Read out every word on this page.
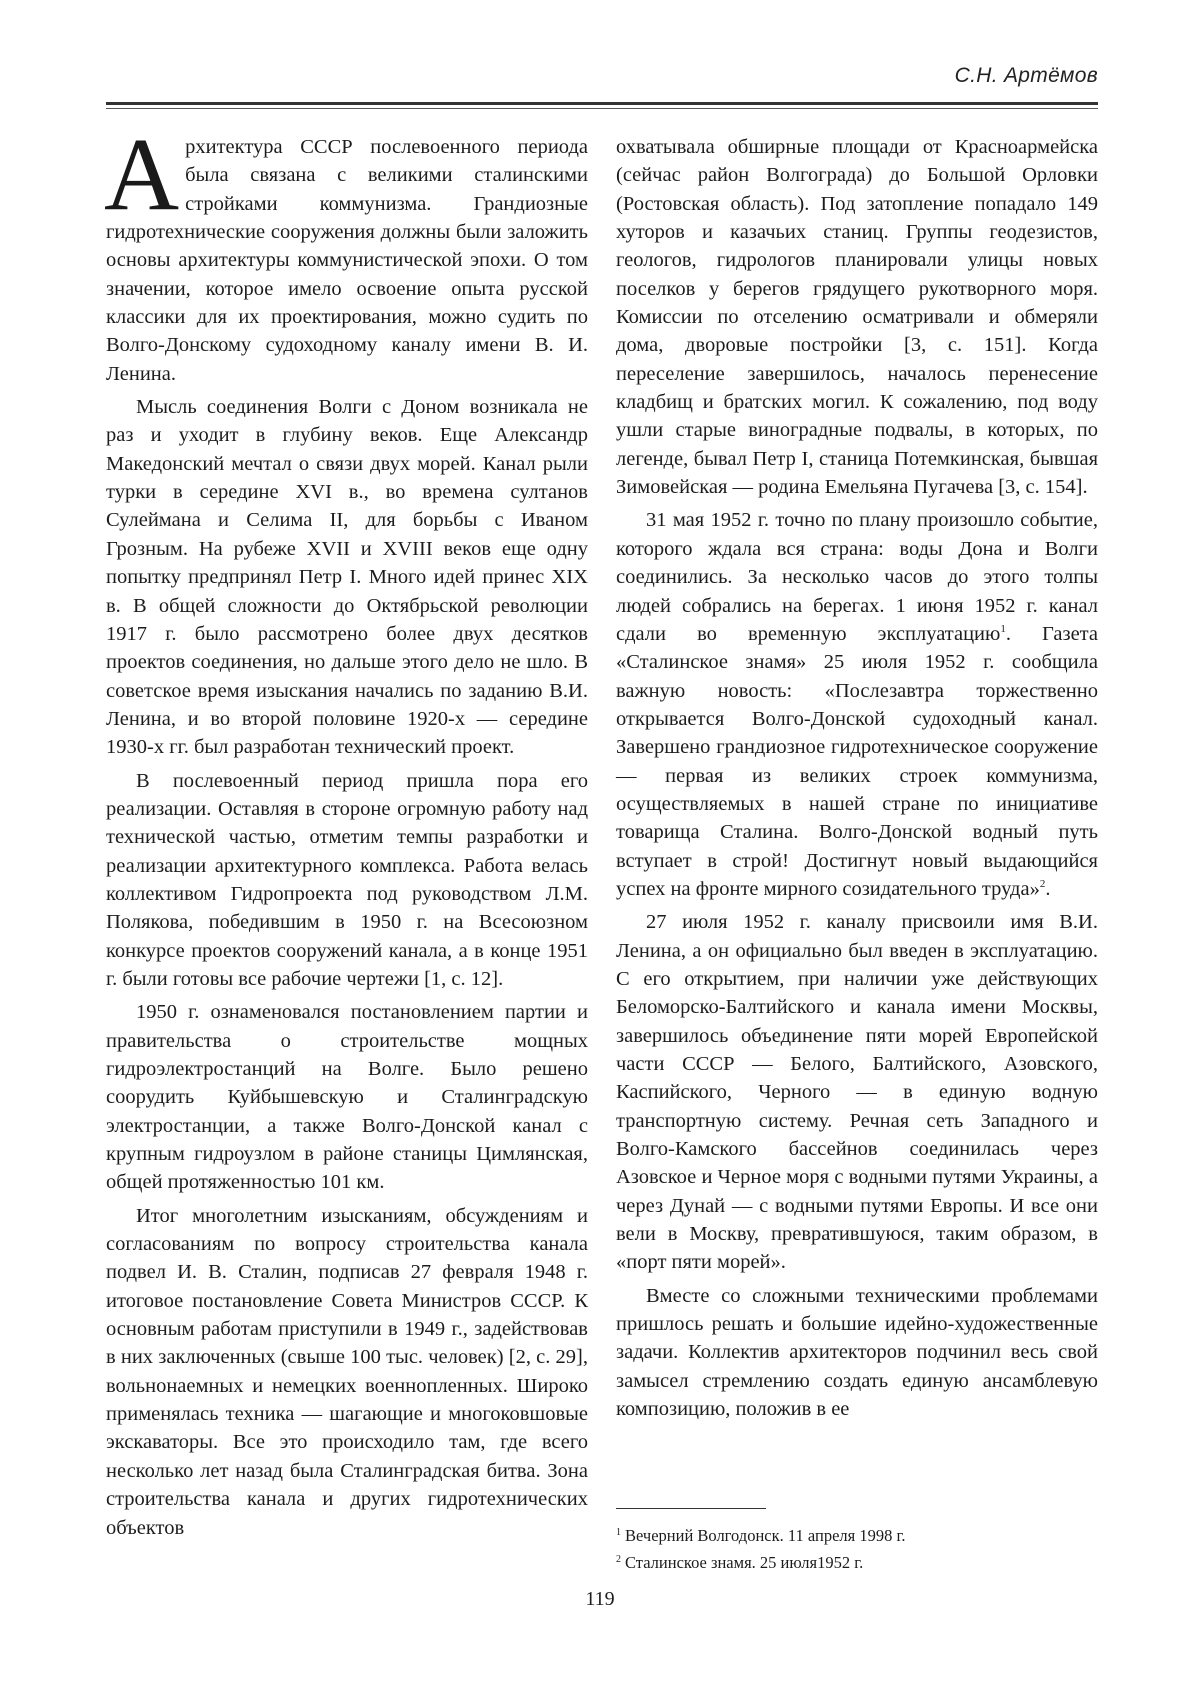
С.Н. Артёмов

Архитектура СССР послевоенного периода была связана с великими сталинскими стройками коммунизма. Грандиозные гидротехнические сооружения должны были заложить основы архитектуры коммунистической эпохи. О том значении, которое имело освоение опыта русской классики для их проектирования, можно судить по Волго-Донскому судоходному каналу имени В. И. Ленина.

Мысль соединения Волги с Доном возникала не раз и уходит в глубину веков. Еще Александр Македонский мечтал о связи двух морей. Канал рыли турки в середине XVI в., во времена султанов Сулеймана и Селима II, для борьбы с Иваном Грозным. На рубеже XVII и XVIII веков еще одну попытку предпринял Петр I. Много идей принес XIX в. В общей сложности до Октябрьской революции 1917 г. было рассмотрено более двух десятков проектов соединения, но дальше этого дело не шло. В советское время изыскания начались по заданию В.И. Ленина, и во второй половине 1920-х — середине 1930-х гг. был разработан технический проект.

В послевоенный период пришла пора его реализации. Оставляя в стороне огромную работу над технической частью, отметим темпы разработки и реализации архитектурного комплекса. Работа велась коллективом Гидропроекта под руководством Л.М. Полякова, победившим в 1950 г. на Всесоюзном конкурсе проектов сооружений канала, а в конце 1951 г. были готовы все рабочие чертежи [1, с. 12].

1950 г. ознаменовался постановлением партии и правительства о строительстве мощных гидроэлектростанций на Волге. Было решено соорудить Куйбышевскую и Сталинградскую электростанции, а также Волго-Донской канал с крупным гидроузлом в районе станицы Цимлянская, общей протяженностью 101 км.

Итог многолетним изысканиям, обсуждениям и согласованиям по вопросу строительства канала подвел И. В. Сталин, подписав 27 февраля 1948 г. итоговое постановление Совета Министров СССР. К основным работам приступили в 1949 г., задействовав в них заключенных (свыше 100 тыс. человек) [2, с. 29], вольнонаемных и немецких военнопленных. Широко применялась техника — шагающие и многоковшовые экскаваторы. Все это происходило там, где всего несколько лет назад была Сталинградская битва. Зона строительства канала и других гидротехнических объектов

охватывала обширные площади от Красноармейска (сейчас район Волгограда) до Большой Орловки (Ростовская область). Под затопление попадало 149 хуторов и казачьих станиц. Группы геодезистов, геологов, гидрологов планировали улицы новых поселков у берегов грядущего рукотворного моря. Комиссии по отселению осматривали и обмеряли дома, дворовые постройки [3, с. 151]. Когда переселение завершилось, началось перенесение кладбищ и братских могил. К сожалению, под воду ушли старые виноградные подвалы, в которых, по легенде, бывал Петр I, станица Потемкинская, бывшая Зимовейская — родина Емельяна Пугачева [3, с. 154].

31 мая 1952 г. точно по плану произошло событие, которого ждала вся страна: воды Дона и Волги соединились. За несколько часов до этого толпы людей собрались на берегах. 1 июня 1952 г. канал сдали во временную эксплуатацию$^1$. Газета «Сталинское знамя» 25 июля 1952 г. сообщила важную новость: «Послезавтра торжественно открывается Волго-Донской судоходный канал. Завершено грандиозное гидротехническое сооружение — первая из великих строек коммунизма, осуществляемых в нашей стране по инициативе товарища Сталина. Волго-Донской водный путь вступает в строй! Достигнут новый выдающийся успех на фронте мирного созидательного труда»$^2$.

27 июля 1952 г. каналу присвоили имя В.И. Ленина, а он официально был введен в эксплуатацию. С его открытием, при наличии уже действующих Беломорско-Балтийского и канала имени Москвы, завершилось объединение пяти морей Европейской части СССР — Белого, Балтийского, Азовского, Каспийского, Черного — в единую водную транспортную систему. Речная сеть Западного и Волго-Камского бассейнов соединилась через Азовское и Черное моря с водными путями Украины, а через Дунай — с водными путями Европы. И все они вели в Москву, превратившуюся, таким образом, в «порт пяти морей».

Вместе со сложными техническими проблемами пришлось решать и большие идейно-художественные задачи. Коллектив архитекторов подчинил весь свой замысел стремлению создать единую ансамблевую композицию, положив в ее

$^1$ Вечерний Волгодонск. 11 апреля 1998 г.
$^2$ Сталинское знамя. 25 июля1952 г.
119
